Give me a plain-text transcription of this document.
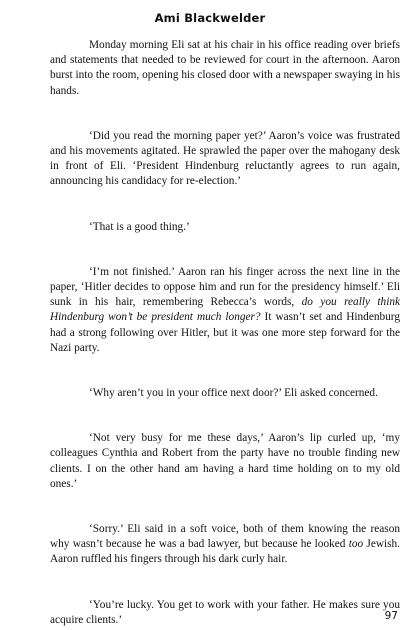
Ami Blackwelder

Monday morning Eli sat at his chair in his office reading over briefs and statements that needed to be reviewed for court in the afternoon. Aaron burst into the room, opening his closed door with a newspaper swaying in his hands.

‘Did you read the morning paper yet?’ Aaron’s voice was frustrated and his movements agitated. He sprawled the paper over the mahogany desk in front of Eli. ‘President Hindenburg reluctantly agrees to run again, announcing his candidacy for re-election.’

‘That is a good thing.’

‘I’m not finished.’ Aaron ran his finger across the next line in the paper, ‘Hitler decides to oppose him and run for the presidency himself.’ Eli sunk in his hair, remembering Rebecca’s words, do you really think Hindenburg won’t be president much longer? It wasn’t set and Hindenburg had a strong following over Hitler, but it was one more step forward for the Nazi party.

‘Why aren’t you in your office next door?’ Eli asked concerned.

‘Not very busy for me these days,’ Aaron’s lip curled up, ‘my colleagues Cynthia and Robert from the party have no trouble finding new clients. I on the other hand am having a hard time holding on to my old ones.’

‘Sorry.’ Eli said in a soft voice, both of them knowing the reason why wasn’t because he was a bad lawyer, but because he looked too Jewish. Aaron ruffled his fingers through his dark curly hair.

‘You’re lucky. You get to work with your father. He makes sure you acquire clients.’	97
